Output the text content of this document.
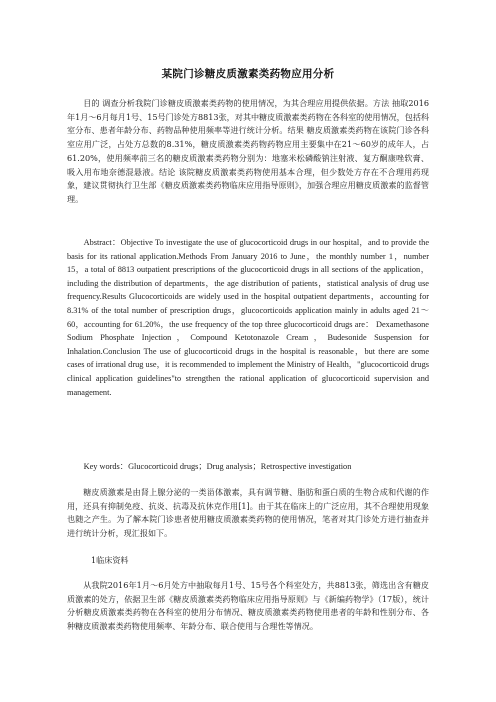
某院门诊糖皮质激素类药物应用分析

目的 调查分析我院门诊糖皮质激素类药物的使用情况，为其合理应用提供依据。方法 抽取2016年1月～6月每月1号、15号门诊处方8813张，对其中糖皮质激素类药物在各科室的使用情况，包括科室分布、患者年龄分布、药物品种使用频率等进行统计分析。结果 糖皮质激素类药物在该院门诊各科室应用广泛，占处方总数的8.31%，糖皮质激素类药物药物应用主要集中在21～60岁的成年人，占61.20%，使用频率前三名的糖皮质激素类药物分别为：地塞米松磷酸钠注射液、复方酮康唑软膏、吸入用布地奈德混悬液。结论 该院糖皮质激素类药物使用基本合理，但少数处方存在不合理用药现象，建议贯彻执行卫生部《糖皮质激素类药物临床应用指导原则》，加强合理应用糖皮质激素的监督管理。

Abstract：Objective To investigate the use of glucocorticoid drugs in our hospital，and to provide the basis for its rational application.Methods From January 2016 to June，the monthly number 1，number 15，a total of 8813 outpatient prescriptions of the glucocorticoid drugs in all sections of the application，including the distribution of departments，the age distribution of patients，statistical analysis of drug use frequency.Results Glucocorticoids are widely used in the hospital outpatient departments，accounting for 8.31% of the total number of prescription drugs，glucocorticoids application mainly in adults aged 21～60，accounting for 61.20%，the use frequency of the top three glucocorticoid drugs are： Dexamethasone Sodium Phosphate Injection，Compound Ketotonazole Cream，Budesonide Suspension for Inhalation.Conclusion The use of glucocorticoid drugs in the hospital is reasonable，but there are some cases of irrational drug use，it is recommended to implement the Ministry of Health，"glucocorticoid drugs clinical application guidelines"to strengthen the rational application of glucocorticoid supervision and management.

Key words：Glucocorticoid drugs；Drug analysis；Retrospective investigation

糖皮质激素是由肾上腺分泌的一类甾体激素，具有调节糖、脂肪和蛋白质的生物合成和代谢的作用，还具有抑制免疫、抗炎、抗毒及抗休克作用[1]。由于其在临床上的广泛应用，其不合理使用现象也随之产生。为了解本院门诊患者使用糖皮质激素类药物的使用情况，笔者对其门诊处方进行抽查并进行统计分析，现汇报如下。

1临床资料

从我院2016年1月～6月处方中抽取每月1号、15号各个科室处方，共8813张，筛选出含有糖皮质激素的处方，依据卫生部《糖皮质激素类药物临床应用指导原则》与《新编药物学》（17版），统计分析糖皮质激素类药物在各科室的使用分布情况、糖皮质激素类药物使用患者的年龄和性别分布、各种糖皮质激素类药物使用频率、年龄分布、联合使用与合理性等情况。
